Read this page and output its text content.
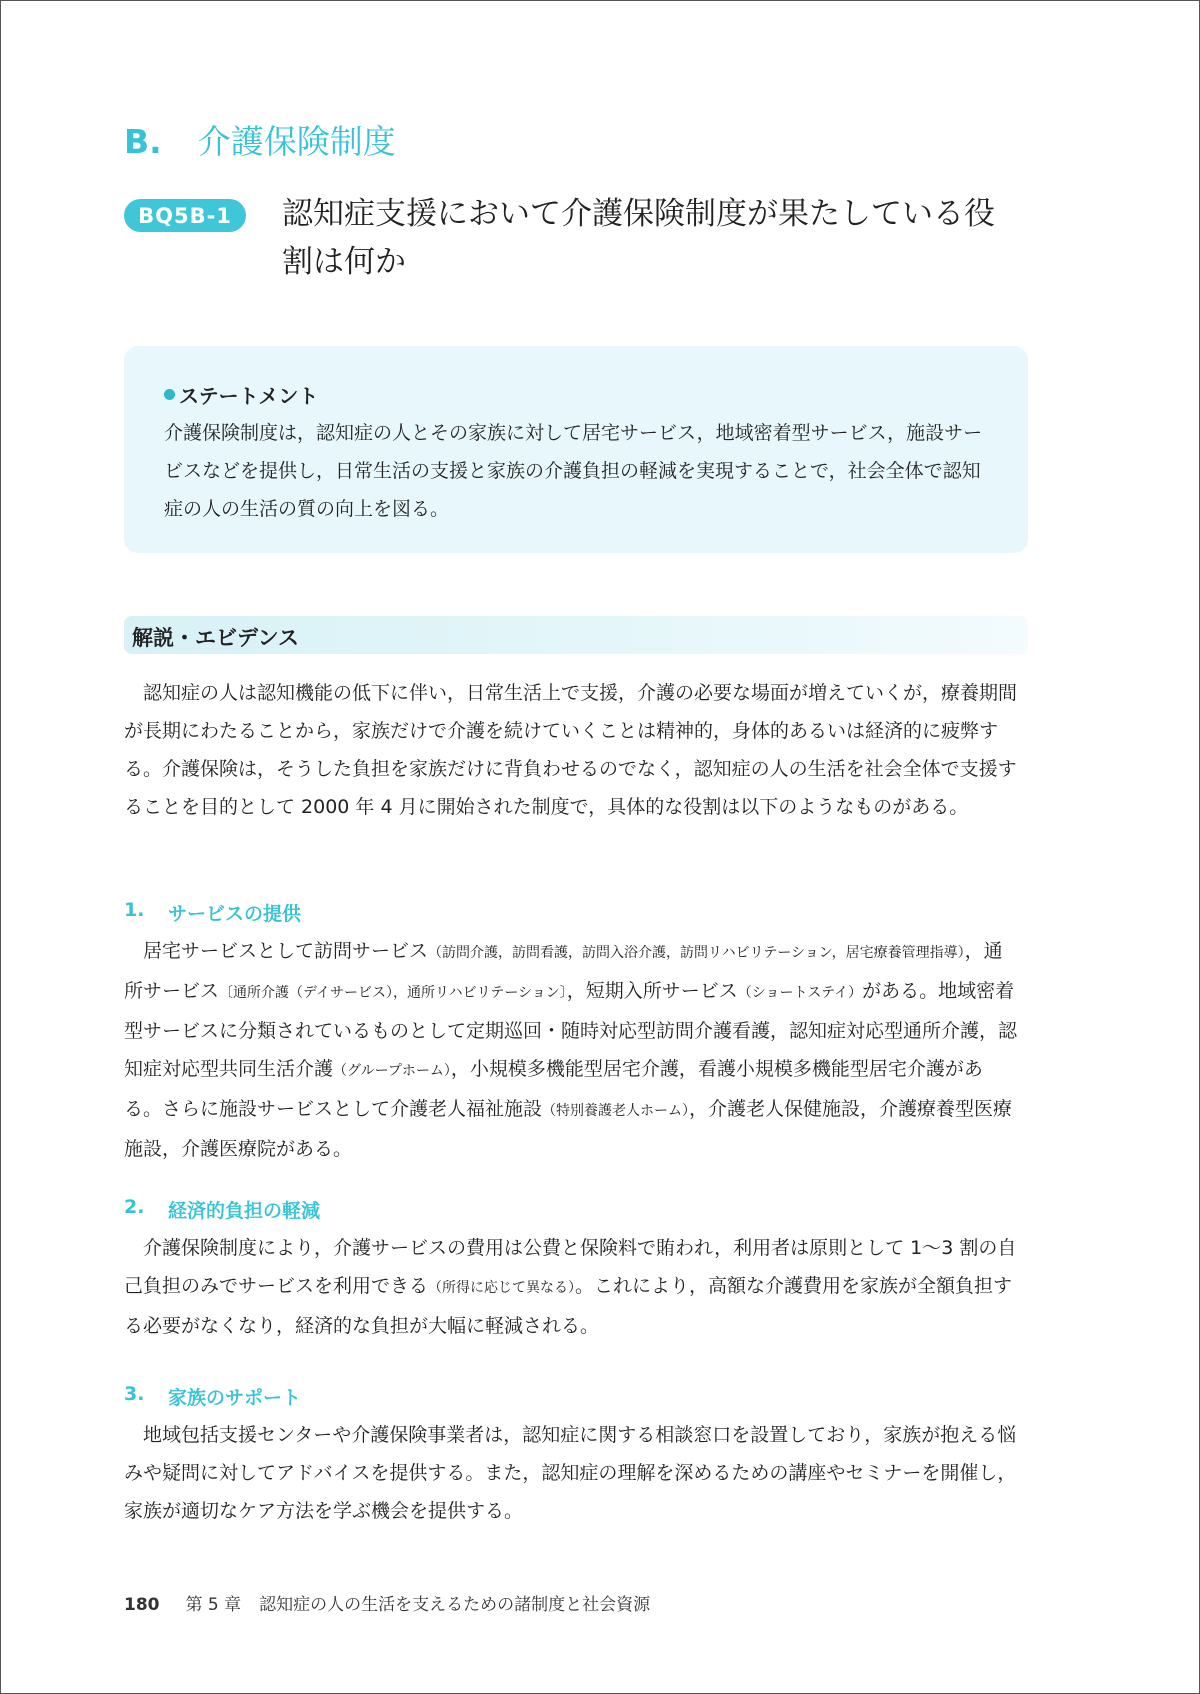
B. 介護保険制度
BQ5B-1	認知症支援において介護保険制度が果たしている役割は何か
ステートメント

介護保険制度は，認知症の人とその家族に対して居宅サービス，地域密着型サービス，施設サービスなどを提供し，日常生活の支援と家族の介護負担の軽減を実現することで，社会全体で認知症の人の生活の質の向上を図る。

解説・エビデンス

認知症の人は認知機能の低下に伴い，日常生活上で支援，介護の必要な場面が増えていくが，療養期間が長期にわたることから，家族だけで介護を続けていくことは精神的，身体的あるいは経済的に疲弊する。介護保険は，そうした負担を家族だけに背負わせるのでなく，認知症の人の生活を社会全体で支援することを目的として 2000 年 4 月に開始された制度で，具体的な役割は以下のようなものがある。

1.	サービスの提供

居宅サービスとして訪問サービス（訪問介護，訪問看護，訪問入浴介護，訪問リハビリテーション，居宅療養管理指導），通所サービス〔通所介護（デイサービス），通所リハビリテーション〕，短期入所サービス（ショートステイ）がある。地域密着型サービスに分類されているものとして定期巡回・随時対応型訪問介護看護，認知症対応型通所介護，認知症対応型共同生活介護（グループホーム），小規模多機能型居宅介護，看護小規模多機能型居宅介護がある。さらに施設サービスとして介護老人福祉施設（特別養護老人ホーム），介護老人保健施設，介護療養型医療施設，介護医療院がある。

2.	経済的負担の軽減

介護保険制度により，介護サービスの費用は公費と保険料で賄われ，利用者は原則として 1〜3 割の自己負担のみでサービスを利用できる（所得に応じて異なる）。これにより，高額な介護費用を家族が全額負担する必要がなくなり，経済的な負担が大幅に軽減される。

3.	家族のサポート

地域包括支援センターや介護保険事業者は，認知症に関する相談窓口を設置しており，家族が抱える悩みや疑問に対してアドバイスを提供する。また，認知症の理解を深めるための講座やセミナーを開催し，家族が適切なケア方法を学ぶ機会を提供する。

180 第 5 章 認知症の人の生活を支えるための諸制度と社会資源
